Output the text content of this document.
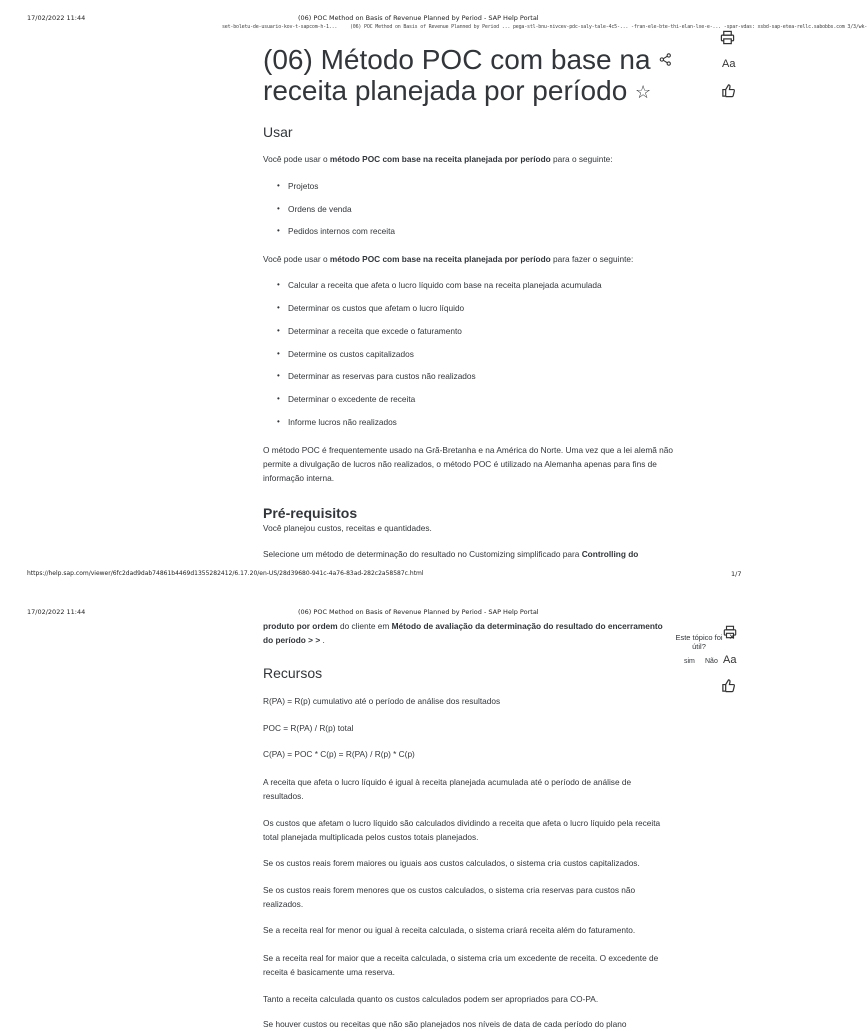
17/02/2022 11:44	(06) POC Method on Basis of Revenue Planned by Period - SAP Help Portal
set-boletu-de-usuario-kov-t-sapcom-h-1...	(06) POC Method on Basis of Revenue Planned by Period ... pega-stl-bnu-nivcev-pdc-saly-tale-4c5-... -fran-ele-bte-thi-elan-lxe-e-... -spar-vdas: xsbd-sap-etea-rellc.sabobbs.com 3/3/wk-
Aa
(06) Método POC com base na receita planejada por período ☆
Usar
Você pode usar o método POC com base na receita planejada por período para o seguinte:
• Projetos
• Ordens de venda
• Pedidos internos com receita
Você pode usar o método POC com base na receita planejada por período para fazer o seguinte:
• Calcular a receita que afeta o lucro líquido com base na receita planejada acumulada
• Determinar os custos que afetam o lucro líquido
• Determinar a receita que excede o faturamento
• Determine os custos capitalizados
• Determinar as reservas para custos não realizados
• Determinar o excedente de receita
• Informe lucros não realizados
O método POC é frequentemente usado na Grã-Bretanha e na América do Norte. Uma vez que a lei alemã não permite a divulgação de lucros não realizados, o método POC é utilizado na Alemanha apenas para fins de informação interna.
Pré-requisitos
Você planejou custos, receitas e quantidades.
Selecione um método de determinação do resultado no Customizing simplificado para Controlling do
https://help.sap.com/viewer/6fc2dad9dab74861b4469d1355282412/6.17.20/en-US/28d39680-941c-4a76-83ad-282c2a58587c.html	1/7
17/02/2022 11:44	(06) POC Method on Basis of Revenue Planned by Period - SAP Help Portal
produto por ordem do cliente em Método de avaliação da determinação do resultado do encerramento do período > > .	Este tópico foi útil?
×
sim Não Aa
Recursos
R(PA) = R(p) cumulativo até o período de análise dos resultados
POC = R(PA) / R(p) total
C(PA) = POC * C(p) = R(PA) / R(p) * C(p)
A receita que afeta o lucro líquido é igual à receita planejada acumulada até o período de análise de resultados.
Os custos que afetam o lucro líquido são calculados dividindo a receita que afeta o lucro líquido pela receita total planejada multiplicada pelos custos totais planejados.
Se os custos reais forem maiores ou iguais aos custos calculados, o sistema cria custos capitalizados.
Se os custos reais forem menores que os custos calculados, o sistema cria reservas para custos não realizados.
Se a receita real for menor ou igual à receita calculada, o sistema criará receita além do faturamento.
Se a receita real for maior que a receita calculada, o sistema cria um excedente de receita. O excedente de receita é basicamente uma reserva.
Tanto a receita calculada quanto os custos calculados podem ser apropriados para CO-PA.
Se houver custos ou receitas que não são planejados nos níveis de data de cada período do plano
